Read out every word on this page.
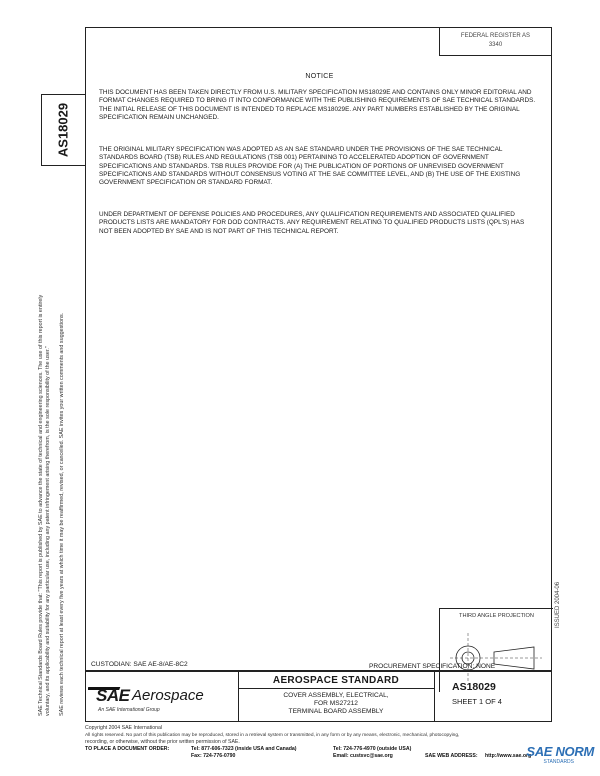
SAE Technical Standards Board Rules provide that: "This report is published by SAE to advance the state of technical and engineering sciences. The use of this report is entirely voluntary, and its applicability and suitability for any particular use, including any patent infringement arising therefrom, is the sole responsibility of the user." SAE reviews each technical report at least every five years at which time it may be reaffirmed, revised, or cancelled. SAE invites your written comments and suggestions.
AS18029
ISSUED 2004-06
FEDERAL REGISTER AS
3340
NOTICE
THIS DOCUMENT HAS BEEN TAKEN DIRECTLY FROM U.S. MILITARY SPECIFICATION MS18029E AND CONTAINS ONLY MINOR EDITORIAL AND FORMAT CHANGES REQUIRED TO BRING IT INTO CONFORMANCE WITH THE PUBLISHING REQUIREMENTS OF SAE TECHNICAL STANDARDS. THE INITIAL RELEASE OF THIS DOCUMENT IS INTENDED TO REPLACE MS18029E. ANY PART NUMBERS ESTABLISHED BY THE ORIGINAL SPECIFICATION REMAIN UNCHANGED.
THE ORIGINAL MILITARY SPECIFICATION WAS ADOPTED AS AN SAE STANDARD UNDER THE PROVISIONS OF THE SAE TECHNICAL STANDARDS BOARD (TSB) RULES AND REGULATIONS (TSB 001) PERTAINING TO ACCELERATED ADOPTION OF GOVERNMENT SPECIFICATIONS AND STANDARDS. TSB RULES PROVIDE FOR (A) THE PUBLICATION OF PORTIONS OF UNREVISED GOVERNMENT SPECIFICATIONS AND STANDARDS WITHOUT CONSENSUS VOTING AT THE SAE COMMITTEE LEVEL, AND (B) THE USE OF THE EXISTING GOVERNMENT SPECIFICATION OR STANDARD FORMAT.
UNDER DEPARTMENT OF DEFENSE POLICIES AND PROCEDURES, ANY QUALIFICATION REQUIREMENTS AND ASSOCIATED QUALIFIED PRODUCTS LISTS ARE MANDATORY FOR DOD CONTRACTS. ANY REQUIREMENT RELATING TO QUALIFIED PRODUCTS LISTS (QPL'S) HAS NOT BEEN ADOPTED BY SAE AND IS NOT PART OF THIS TECHNICAL REPORT.
THIRD ANGLE PROJECTION
CUSTODIAN: SAE AE-8/AE-8C2	PROCUREMENT SPECIFICATION: NONE
SAE Aerospace
An SAE International Group
AEROSPACE STANDARD
COVER ASSEMBLY, ELECTRICAL,
FOR MS27212
TERMINAL BOARD ASSEMBLY
AS18029
SHEET 1 OF 4
Copyright 2004 SAE International
All rights reserved. No part of this publication may be reproduced, stored in a retrieval system or transmitted, in any form or by any means, electronic, mechanical, photocopying,
recording, or otherwise, without the prior written permission of SAE.
TO PLACE A DOCUMENT ORDER:	Tel: 877-606-7323 (inside USA and Canada)	Tel: 724-776-4970 (outside USA)
Fax: 724-776-0790	Email: custsvc@sae.org	SAE WEB ADDRESS: http://www.sae.org
SAE NORM
STANDARDS
